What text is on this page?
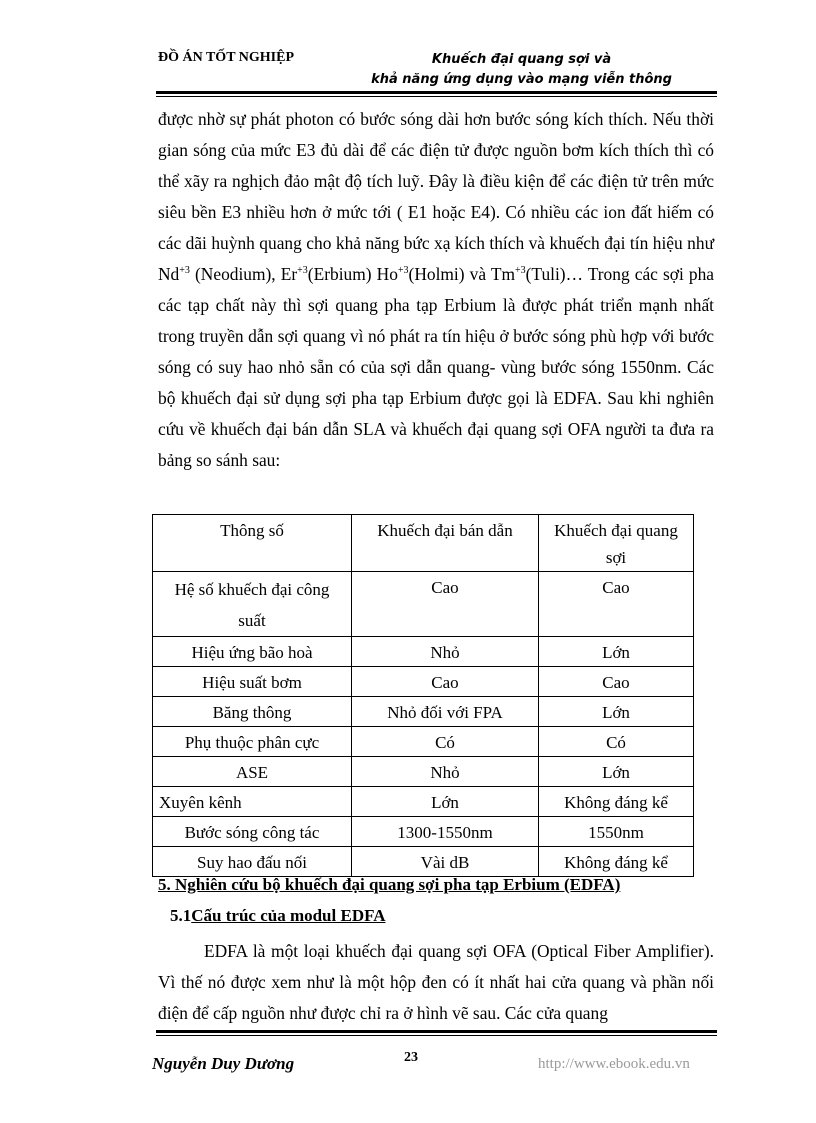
ĐỒ ÁN TỐT NGHIỆP	Khuếch đại quang sợi và
khả năng ứng dụng vào mạng viễn thông

được nhờ sự phát photon có bước sóng dài hơn bước sóng kích thích. Nếu thời gian sóng của mức E3 đủ dài để các điện tử được nguồn bơm kích thích thì có thể xãy ra nghịch đảo mật độ tích luỹ. Đây là điều kiện để các điện tử trên mức siêu bền E3 nhiều hơn ở mức tới ( E1 hoặc E4). Có nhiều các ion đất hiếm có các dãi huỳnh quang cho khả năng bức xạ kích thích và khuếch đại tín hiệu như $Nd^{+3}$ (Neodium), $Er^{+3}(Erbium)$ $Ho^{+3}(Holmi)$ và $Tm^{+3}(Tuli)\dots$ Trong các sợi pha các tạp chất này thì sợi quang pha tạp Erbium là được phát triển mạnh nhất trong truyền dẫn sợi quang vì nó phát ra tín hiệu ở bước sóng phù hợp với bước sóng có suy hao nhỏ sẵn có của sợi dẫn quang- vùng bước sóng 1550nm. Các bộ khuếch đại sử dụng sợi pha tạp Erbium được gọi là EDFA. Sau khi nghiên cứu về khuếch đại bán dẫn SLA và khuếch đại quang sợi OFA người ta đưa ra bảng so sánh sau:

Thông số	Khuếch đại bán dẫn	Khuếch đại quang sợi
Hệ số khuếch đại công suất	Cao	Cao
Hiệu ứng bão hoà	Nhỏ	Lớn
Hiệu suất bơm	Cao	Cao
Băng thông	Nhỏ đối với FPA	Lớn
Phụ thuộc phân cực	Có	Có
ASE	Nhỏ	Lớn
Xuyên kênh	Lớn	Không đáng kể
Bước sóng công tác	1300-1550nm	1550nm
Suy hao đấu nối	Vài dB	Không đáng kể
5. Nghiên cứu bộ khuếch đại quang sợi pha tạp Erbium (EDFA)
5.1Cấu trúc của modul EDFA

EDFA là một loại khuếch đại quang sợi OFA (Optical Fiber Amplifier). Vì thế nó được xem như là một hộp đen có ít nhất hai cửa quang và phần nối điện để cấp nguồn như được chỉ ra ở hình vẽ sau. Các cửa quang

Nguyễn Duy Dương	23	http://www.ebook.edu.vn
